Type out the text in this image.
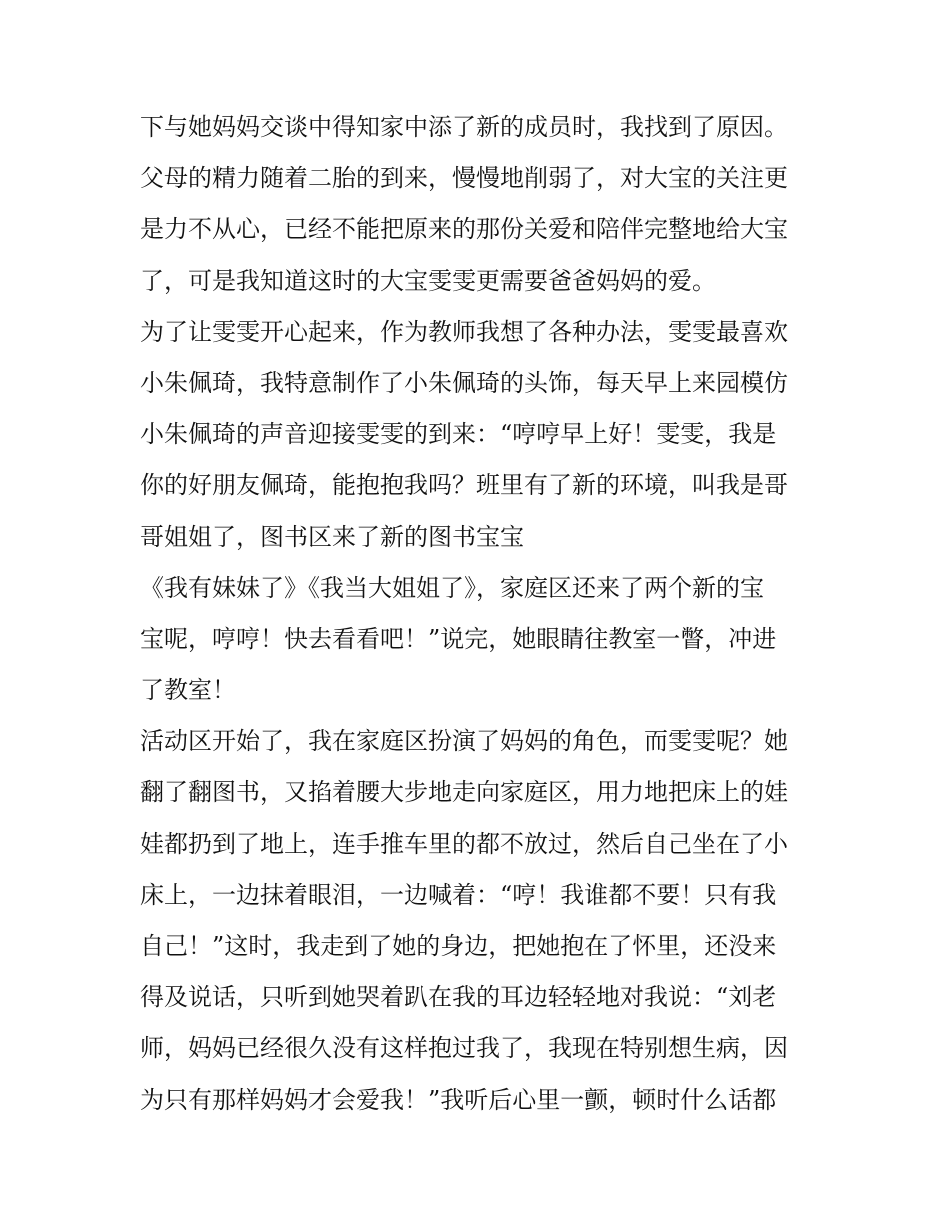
下与她妈妈交谈中得知家中添了新的成员时，我找到了原因。
父母的精力随着二胎的到来，慢慢地削弱了，对大宝的关注更
是力不从心，已经不能把原来的那份关爱和陪伴完整地给大宝
了，可是我知道这时的大宝雯雯更需要爸爸妈妈的爱。
为了让雯雯开心起来，作为教师我想了各种办法，雯雯最喜欢
小朱佩琦，我特意制作了小朱佩琦的头饰，每天早上来园模仿
小朱佩琦的声音迎接雯雯的到来：“哼哼早上好！雯雯，我是
你的好朋友佩琦，能抱抱我吗？班里有了新的环境，叫我是哥
哥姐姐了，图书区来了新的图书宝宝
《我有妹妹了》《我当大姐姐了》，家庭区还来了两个新的宝
宝呢，哼哼！快去看看吧！”说完，她眼睛往教室一瞥，冲进
了教室！
活动区开始了，我在家庭区扮演了妈妈的角色，而雯雯呢？她
翻了翻图书，又掐着腰大步地走向家庭区，用力地把床上的娃
娃都扔到了地上，连手推车里的都不放过，然后自己坐在了小
床上，一边抹着眼泪，一边喊着：“哼！我谁都不要！只有我
自己！”这时，我走到了她的身边，把她抱在了怀里，还没来
得及说话，只听到她哭着趴在我的耳边轻轻地对我说：“刘老
师，妈妈已经很久没有这样抱过我了，我现在特别想生病，因
为只有那样妈妈才会爱我！”我听后心里一颤，顿时什么话都
